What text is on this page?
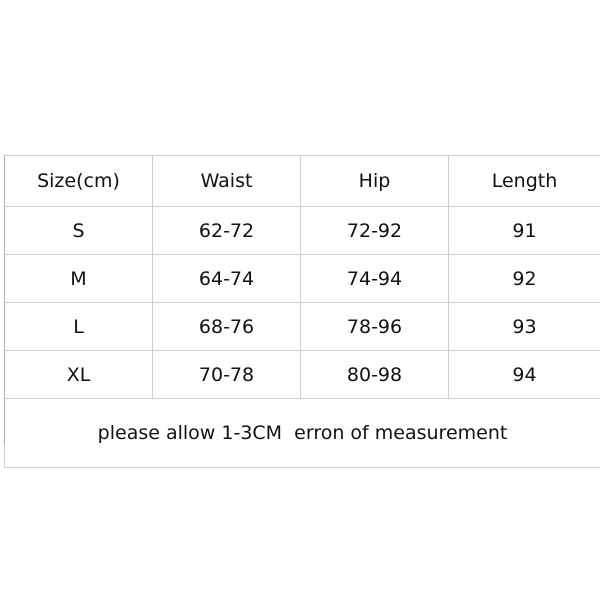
Size(cm)	Waist	Hip	Length
S	62-72	72-92	91
M	64-74	74-94	92
L	68-76	78-96	93
XL	70-78	80-98	94
please allow 1-3CM  erron of measurement			
